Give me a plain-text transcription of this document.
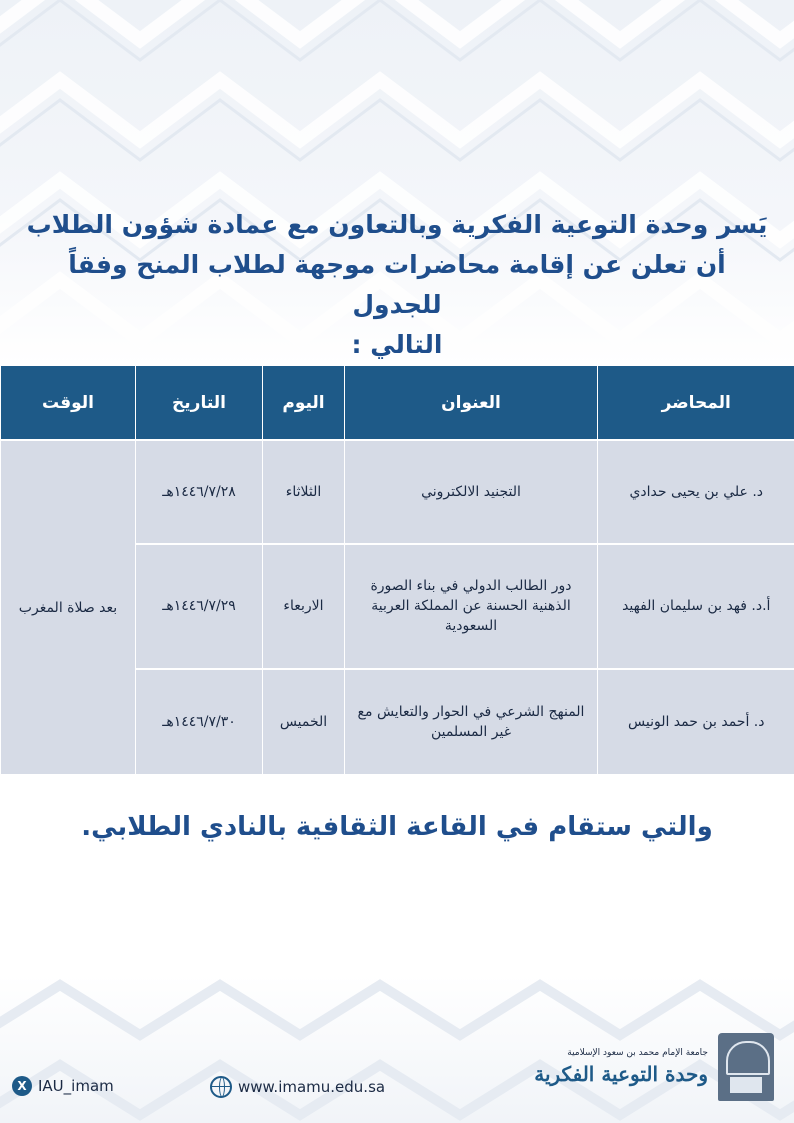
يَسر وحدة التوعية الفكرية وبالتعاون مع عمادة شؤون الطلاب
أن تعلن عن إقامة محاضرات موجهة لطلاب المنح وفقاً للجدول
التالي :
المحاضر	العنوان	اليوم	التاريخ	الوقت
د. علي بن يحيى حدادي	التجنيد الالكتروني	الثلاثاء	١٤٤٦/٧/٢٨هـ	بعد صلاة المغرب
أ.د. فهد بن سليمان الفهيد	دور الطالب الدولي في بناء الصورة الذهنية الحسنة عن المملكة العربية السعودية	الاربعاء	١٤٤٦/٧/٢٩هـ	
د. أحمد بن حمد الونيس	المنهج الشرعي في الحوار والتعايش مع غير المسلمين	الخميس	١٤٤٦/٧/٣٠هـ	
والتي ستقام في القاعة الثقافية بالنادي الطلابي.
X IAU_imam	www.imamu.edu.sa
جامعة الإمام محمد بن سعود الإسلامية
وحدة التوعية الفكرية
